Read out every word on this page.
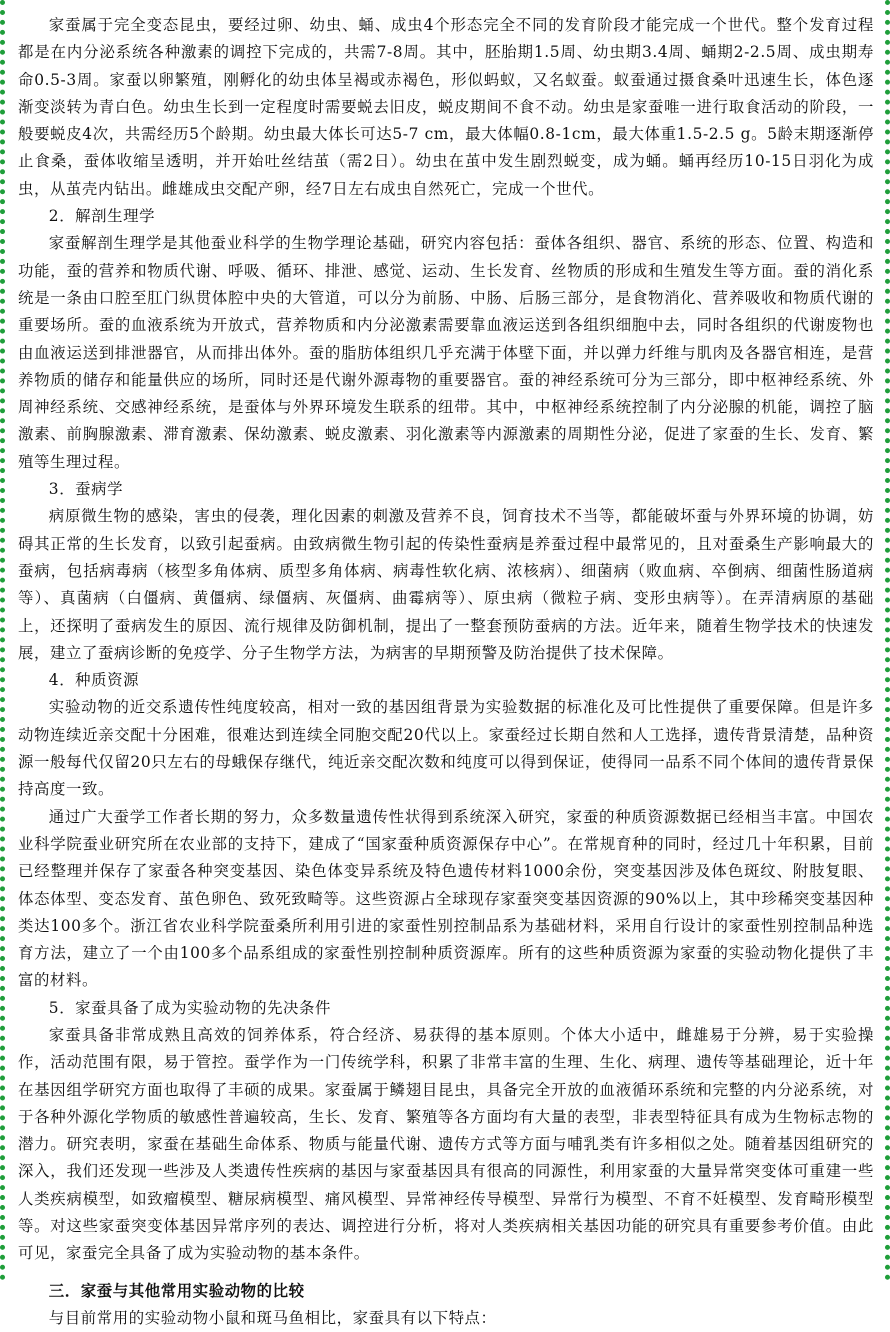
家蚕属于完全变态昆虫，要经过卵、幼虫、蛹、成虫4个形态完全不同的发育阶段才能完成一个世代。整个发育过程都是在内分泌系统各种激素的调控下完成的，共需7-8周。其中，胚胎期1.5周、幼虫期3.4周、蛹期2-2.5周、成虫期寿命0.5-3周。家蚕以卵繁殖，刚孵化的幼虫体呈褐或赤褐色，形似蚂蚁，又名蚁蚕。蚁蚕通过摄食桑叶迅速生长，体色逐渐变淡转为青白色。幼虫生长到一定程度时需要蜕去旧皮，蜕皮期间不食不动。幼虫是家蚕唯一进行取食活动的阶段，一般要蜕皮4次，共需经历5个龄期。幼虫最大体长可达5-7 cm，最大体幅0.8-1cm，最大体重1.5-2.5 g。5龄末期逐渐停止食桑，蚕体收缩呈透明，并开始吐丝结茧（需2日）。幼虫在茧中发生剧烈蜕变，成为蛹。蛹再经历10-15日羽化为成虫，从茧壳内钻出。雌雄成虫交配产卵，经7日左右成虫自然死亡，完成一个世代。

2．解剖生理学

家蚕解剖生理学是其他蚕业科学的生物学理论基础，研究内容包括：蚕体各组织、器官、系统的形态、位置、构造和功能，蚕的营养和物质代谢、呼吸、循环、排泄、感觉、运动、生长发育、丝物质的形成和生殖发生等方面。蚕的消化系统是一条由口腔至肛门纵贯体腔中央的大管道，可以分为前肠、中肠、后肠三部分，是食物消化、营养吸收和物质代谢的重要场所。蚕的血液系统为开放式，营养物质和内分泌激素需要靠血液运送到各组织细胞中去，同时各组织的代谢废物也由血液运送到排泄器官，从而排出体外。蚕的脂肪体组织几乎充满于体壁下面，并以弹力纤维与肌肉及各器官相连，是营养物质的储存和能量供应的场所，同时还是代谢外源毒物的重要器官。蚕的神经系统可分为三部分，即中枢神经系统、外周神经系统、交感神经系统，是蚕体与外界环境发生联系的纽带。其中，中枢神经系统控制了内分泌腺的机能，调控了脑激素、前胸腺激素、滞育激素、保幼激素、蜕皮激素、羽化激素等内源激素的周期性分泌，促进了家蚕的生长、发育、繁殖等生理过程。

3．蚕病学

病原微生物的感染，害虫的侵袭，理化因素的刺激及营养不良，饲育技术不当等，都能破坏蚕与外界环境的协调，妨碍其正常的生长发育，以致引起蚕病。由致病微生物引起的传染性蚕病是养蚕过程中最常见的，且对蚕桑生产影响最大的蚕病，包括病毒病（核型多角体病、质型多角体病、病毒性软化病、浓核病）、细菌病（败血病、卒倒病、细菌性肠道病等）、真菌病（白僵病、黄僵病、绿僵病、灰僵病、曲霉病等）、原虫病（微粒子病、变形虫病等）。在弄清病原的基础上，还探明了蚕病发生的原因、流行规律及防御机制，提出了一整套预防蚕病的方法。近年来，随着生物学技术的快速发展，建立了蚕病诊断的免疫学、分子生物学方法，为病害的早期预警及防治提供了技术保障。

4．种质资源

实验动物的近交系遗传性纯度较高，相对一致的基因组背景为实验数据的标准化及可比性提供了重要保障。但是许多动物连续近亲交配十分困难，很难达到连续全同胞交配20代以上。家蚕经过长期自然和人工选择，遗传背景清楚，品种资源一般每代仅留20只左右的母蛾保存继代，纯近亲交配次数和纯度可以得到保证，使得同一品系不同个体间的遗传背景保持高度一致。

通过广大蚕学工作者长期的努力，众多数量遗传性状得到系统深入研究，家蚕的种质资源数据已经相当丰富。中国农业科学院蚕业研究所在农业部的支持下，建成了“国家蚕种质资源保存中心”。在常规育种的同时，经过几十年积累，目前已经整理并保存了家蚕各种突变基因、染色体变异系统及特色遗传材料1000余份，突变基因涉及体色斑纹、附肢复眼、体态体型、变态发育、茧色卵色、致死致畸等。这些资源占全球现存家蚕突变基因资源的90%以上，其中珍稀突变基因种类达100多个。浙江省农业科学院蚕桑所利用引进的家蚕性别控制品系为基础材料，采用自行设计的家蚕性别控制品种选育方法，建立了一个由100多个品系组成的家蚕性别控制种质资源库。所有的这些种质资源为家蚕的实验动物化提供了丰富的材料。

5．家蚕具备了成为实验动物的先决条件

家蚕具备非常成熟且高效的饲养体系，符合经济、易获得的基本原则。个体大小适中，雌雄易于分辨，易于实验操作，活动范围有限，易于管控。蚕学作为一门传统学科，积累了非常丰富的生理、生化、病理、遗传等基础理论，近十年在基因组学研究方面也取得了丰硕的成果。家蚕属于鳞翅目昆虫，具备完全开放的血液循环系统和完整的内分泌系统，对于各种外源化学物质的敏感性普遍较高，生长、发育、繁殖等各方面均有大量的表型，非表型特征具有成为生物标志物的潜力。研究表明，家蚕在基础生命体系、物质与能量代谢、遗传方式等方面与哺乳类有许多相似之处。随着基因组研究的深入，我们还发现一些涉及人类遗传性疾病的基因与家蚕基因具有很高的同源性，利用家蚕的大量异常突变体可重建一些人类疾病模型，如致瘤模型、糖尿病模型、痛风模型、异常神经传导模型、异常行为模型、不育不妊模型、发育畸形模型等。对这些家蚕突变体基因异常序列的表达、调控进行分析，将对人类疾病相关基因功能的研究具有重要参考价值。由此可见，家蚕完全具备了成为实验动物的基本条件。

三．家蚕与其他常用实验动物的比较

与目前常用的实验动物小鼠和斑马鱼相比，家蚕具有以下特点：
